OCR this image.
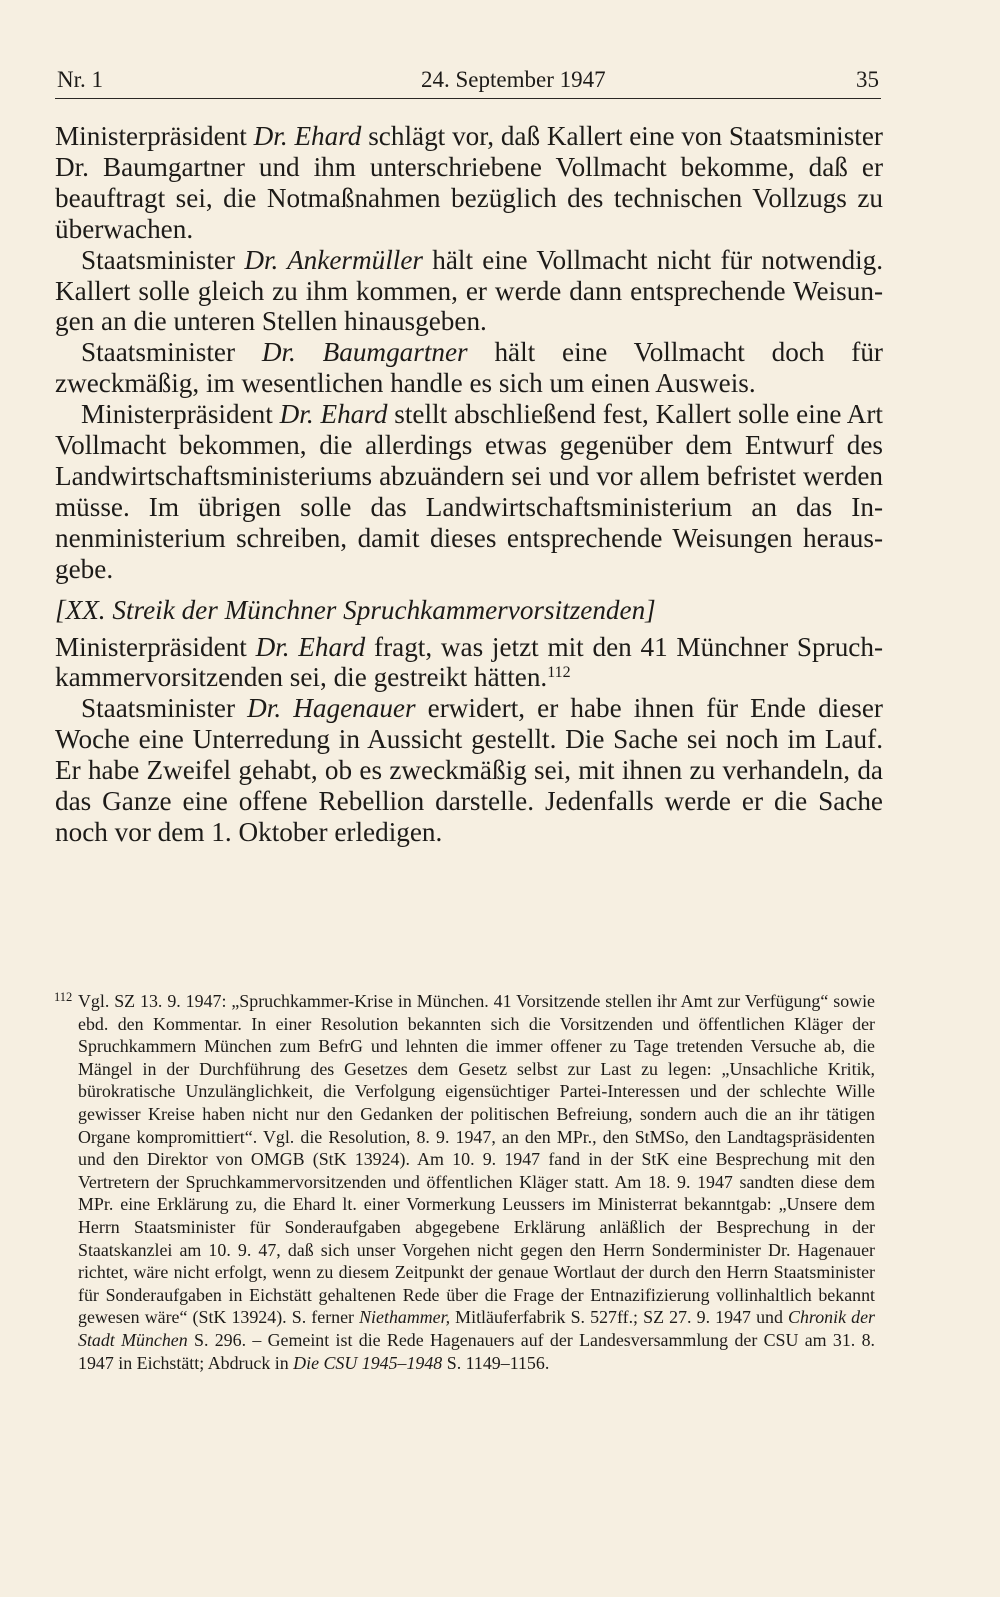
Nr. 1	24. September 1947	35

Ministerpräsident Dr. Ehard schlägt vor, daß Kallert eine von Staatsminister Dr. Baumgartner und ihm unterschriebene Vollmacht bekomme, daß er beauftragt sei, die Notmaßnahmen bezüglich des technischen Vollzugs zu überwachen.

Staatsminister Dr. Ankermüller hält eine Vollmacht nicht für notwendig. Kallert solle gleich zu ihm kommen, er werde dann entsprechende Weisungen an die unteren Stellen hinausgeben.

Staatsminister Dr. Baumgartner hält eine Vollmacht doch für zweckmäßig, im wesentlichen handle es sich um einen Ausweis.

Ministerpräsident Dr. Ehard stellt abschließend fest, Kallert solle eine Art Vollmacht bekommen, die allerdings etwas gegenüber dem Entwurf des Landwirtschaftsministeriums abzuändern sei und vor allem befristet werden müsse. Im übrigen solle das Landwirtschaftsministerium an das Innenministerium schreiben, damit dieses entsprechende Weisungen herausgebe.

[XX. Streik der Münchner Spruchkammervorsitzenden]

Ministerpräsident Dr. Ehard fragt, was jetzt mit den 41 Münchner Spruchkammervorsitzenden sei, die gestreikt hätten.$^{112}$

Staatsminister Dr. Hagenauer erwidert, er habe ihnen für Ende dieser Woche eine Unterredung in Aussicht gestellt. Die Sache sei noch im Lauf. Er habe Zweifel gehabt, ob es zweckmäßig sei, mit ihnen zu verhandeln, da das Ganze eine offene Rebellion darstelle. Jedenfalls werde er die Sache noch vor dem 1. Oktober erledigen.

112 Vgl. SZ 13. 9. 1947: „Spruchkammer-Krise in München. 41 Vorsitzende stellen ihr Amt zur Verfügung“ sowie ebd. den Kommentar. In einer Resolution bekannten sich die Vorsitzenden und öffentlichen Kläger der Spruchkammern München zum BefrG und lehnten die immer offener zu Tage tretenden Versuche ab, die Mängel in der Durchführung des Gesetzes dem Gesetz selbst zur Last zu legen: „Unsachliche Kritik, bürokratische Unzulänglichkeit, die Verfolgung eigensüchtiger Partei-Interessen und der schlechte Wille gewisser Kreise haben nicht nur den Gedanken der politischen Befreiung, sondern auch die an ihr tätigen Organe kompromittiert“. Vgl. die Resolution, 8. 9. 1947, an den MPr., den StMSo, den Landtagspräsidenten und den Direktor von OMGB (StK 13924). Am 10. 9. 1947 fand in der StK eine Besprechung mit den Vertretern der Spruchkammervorsitzenden und öffentlichen Kläger statt. Am 18. 9. 1947 sandten diese dem MPr. eine Erklärung zu, die Ehard lt. einer Vormerkung Leussers im Ministerrat bekanntgab: „Unsere dem Herrn Staatsminister für Sonderaufgaben abgegebene Erklärung anläßlich der Besprechung in der Staatskanzlei am 10. 9. 47, daß sich unser Vorgehen nicht gegen den Herrn Sonderminister Dr. Hagenauer richtet, wäre nicht erfolgt, wenn zu diesem Zeitpunkt der genaue Wortlaut der durch den Herrn Staatsminister für Sonderaufgaben in Eichstätt gehaltenen Rede über die Frage der Entnazifizierung vollinhaltlich bekannt gewesen wäre“ (StK 13924). S. ferner Niethammer, Mitläuferfabrik S. 527ff.; SZ 27. 9. 1947 und Chronik der Stadt München S. 296. – Gemeint ist die Rede Hagenauers auf der Landesversammlung der CSU am 31. 8. 1947 in Eichstätt; Abdruck in Die CSU 1945–1948 S. 1149–1156.
